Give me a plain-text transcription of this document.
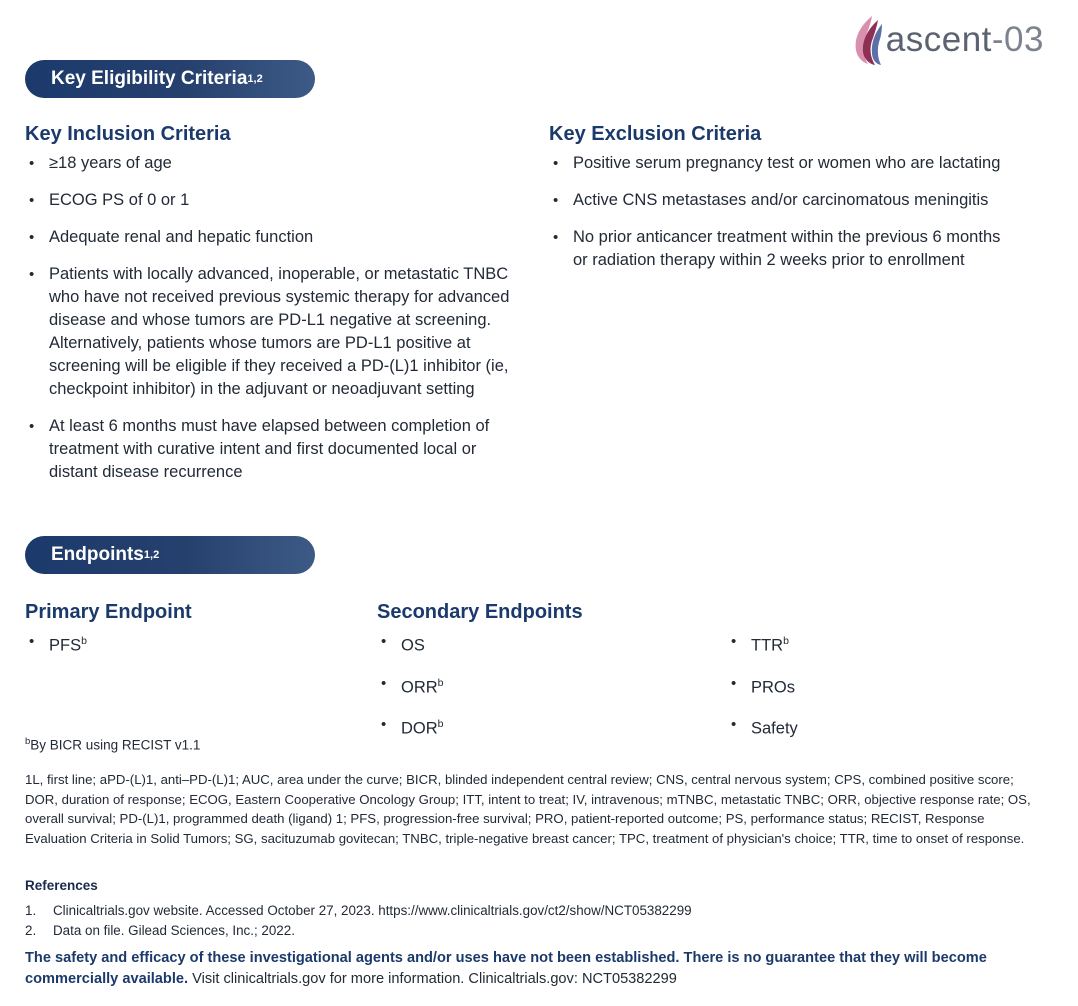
ascent-03
Key Eligibility Criteria 1,2
Key Inclusion Criteria
• ≥18 years of age
• ECOG PS of 0 or 1
• Adequate renal and hepatic function
• Patients with locally advanced, inoperable, or metastatic TNBC who have not received previous systemic therapy for advanced disease and whose tumors are PD-L1 negative at screening. Alternatively, patients whose tumors are PD-L1 positive at screening will be eligible if they received a PD-(L)1 inhibitor (ie, checkpoint inhibitor) in the adjuvant or neoadjuvant setting
• At least 6 months must have elapsed between completion of treatment with curative intent and first documented local or distant disease recurrence
Key Exclusion Criteria
• Positive serum pregnancy test or women who are lactating
• Active CNS metastases and/or carcinomatous meningitis
• No prior anticancer treatment within the previous 6 months or radiation therapy within 2 weeks prior to enrollment
Endpoints 1,2
Primary Endpoint
• PFS$^b$
Secondary Endpoints
• OS
• ORR$^b$
• DOR$^b$
• TTR$^b$
• PROs
• Safety
$^b$By BICR using RECIST v1.1
1L, first line; aPD-(L)1, anti–PD-(L)1; AUC, area under the curve; BICR, blinded independent central review; CNS, central nervous system; CPS, combined positive score; DOR, duration of response; ECOG, Eastern Cooperative Oncology Group; ITT, intent to treat; IV, intravenous; mTNBC, metastatic TNBC; ORR, objective response rate; OS, overall survival; PD-(L)1, programmed death (ligand) 1; PFS, progression-free survival; PRO, patient-reported outcome; PS, performance status; RECIST, Response Evaluation Criteria in Solid Tumors; SG, sacituzumab govitecan; TNBC, triple-negative breast cancer; TPC, treatment of physician's choice; TTR, time to onset of response.
References
1. Clinicaltrials.gov website. Accessed October 27, 2023. https://www.clinicaltrials.gov/ct2/show/NCT05382299
2. Data on file. Gilead Sciences, Inc.; 2022.
The safety and efficacy of these investigational agents and/or uses have not been established. There is no guarantee that they will become commercially available. Visit clinicaltrials.gov for more information. Clinicaltrials.gov: NCT05382299
